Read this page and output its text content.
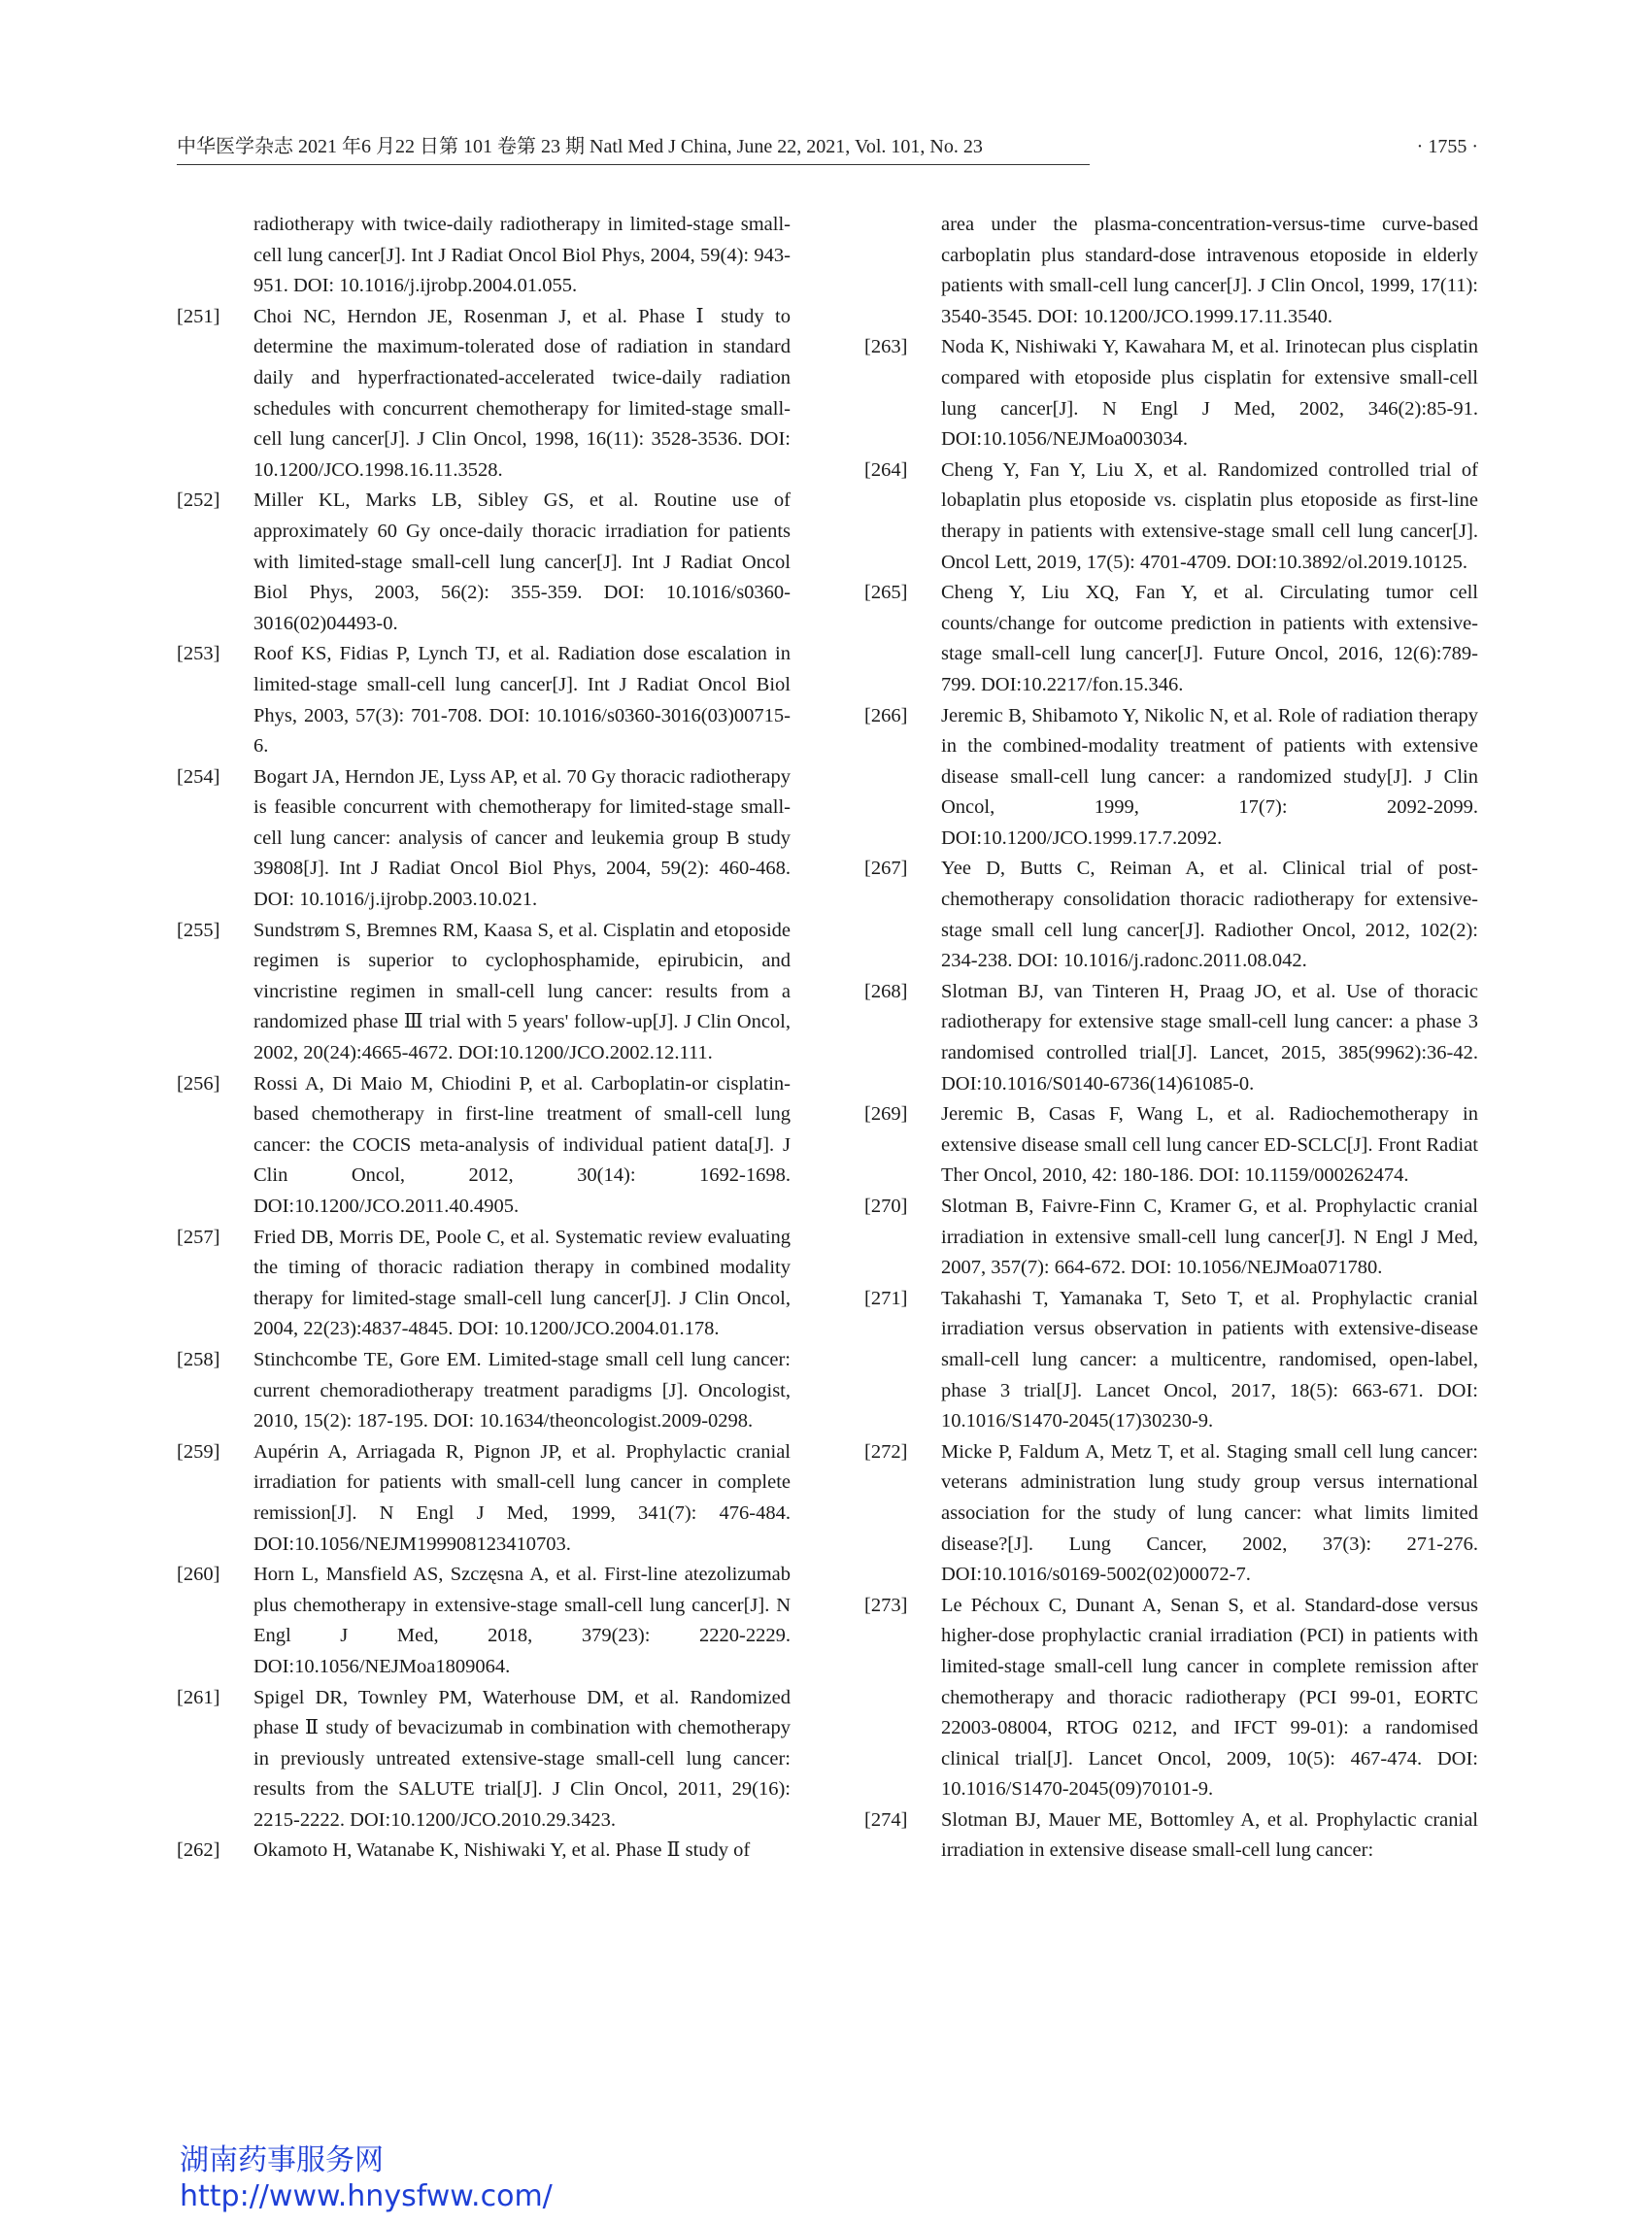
中华医学杂志 2021 年6 月22 日第 101 卷第 23 期 Natl Med J China, June 22, 2021, Vol. 101, No. 23	· 1755 ·
radiotherapy with twice-daily radiotherapy in limited-stage small-cell lung cancer[J]. Int J Radiat Oncol Biol Phys, 2004, 59(4): 943-951. DOI: 10.1016/j.ijrobp.2004.01.055.
[251] Choi NC, Herndon JE, Rosenman J, et al. Phase Ⅰ study to determine the maximum-tolerated dose of radiation in standard daily and hyperfractionated-accelerated twice-daily radiation schedules with concurrent chemotherapy for limited-stage small-cell lung cancer[J]. J Clin Oncol, 1998, 16(11): 3528-3536. DOI: 10.1200/JCO.1998.16.11.3528.
[252] Miller KL, Marks LB, Sibley GS, et al. Routine use of approximately 60 Gy once-daily thoracic irradiation for patients with limited-stage small-cell lung cancer[J]. Int J Radiat Oncol Biol Phys, 2003, 56(2): 355-359. DOI: 10.1016/s0360-3016(02)04493-0.
[253] Roof KS, Fidias P, Lynch TJ, et al. Radiation dose escalation in limited-stage small-cell lung cancer[J]. Int J Radiat Oncol Biol Phys, 2003, 57(3): 701-708. DOI: 10.1016/s0360-3016(03)00715-6.
[254] Bogart JA, Herndon JE, Lyss AP, et al. 70 Gy thoracic radiotherapy is feasible concurrent with chemotherapy for limited-stage small-cell lung cancer: analysis of cancer and leukemia group B study 39808[J]. Int J Radiat Oncol Biol Phys, 2004, 59(2): 460-468. DOI: 10.1016/j.ijrobp.2003.10.021.
[255] Sundstrøm S, Bremnes RM, Kaasa S, et al. Cisplatin and etoposide regimen is superior to cyclophosphamide, epirubicin, and vincristine regimen in small-cell lung cancer: results from a randomized phase Ⅲ trial with 5 years' follow-up[J]. J Clin Oncol, 2002, 20(24):4665-4672. DOI:10.1200/JCO.2002.12.111.
[256] Rossi A, Di Maio M, Chiodini P, et al. Carboplatin-or cisplatin-based chemotherapy in first-line treatment of small-cell lung cancer: the COCIS meta-analysis of individual patient data[J]. J Clin Oncol, 2012, 30(14): 1692-1698. DOI:10.1200/JCO.2011.40.4905.
[257] Fried DB, Morris DE, Poole C, et al. Systematic review evaluating the timing of thoracic radiation therapy in combined modality therapy for limited-stage small-cell lung cancer[J]. J Clin Oncol, 2004, 22(23):4837-4845. DOI: 10.1200/JCO.2004.01.178.
[258] Stinchcombe TE, Gore EM. Limited-stage small cell lung cancer: current chemoradiotherapy treatment paradigms [J]. Oncologist, 2010, 15(2): 187-195. DOI: 10.1634/theoncologist.2009-0298.
[259] Aupérin A, Arriagada R, Pignon JP, et al. Prophylactic cranial irradiation for patients with small-cell lung cancer in complete remission[J]. N Engl J Med, 1999, 341(7): 476-484. DOI:10.1056/NEJM199908123410703.
[260] Horn L, Mansfield AS, Szczęsna A, et al. First-line atezolizumab plus chemotherapy in extensive-stage small-cell lung cancer[J]. N Engl J Med, 2018, 379(23): 2220-2229. DOI:10.1056/NEJMoa1809064.
[261] Spigel DR, Townley PM, Waterhouse DM, et al. Randomized phase Ⅱ study of bevacizumab in combination with chemotherapy in previously untreated extensive-stage small-cell lung cancer: results from the SALUTE trial[J]. J Clin Oncol, 2011, 29(16): 2215-2222. DOI:10.1200/JCO.2010.29.3423.
[262] Okamoto H, Watanabe K, Nishiwaki Y, et al. Phase Ⅱ study of
area under the plasma-concentration-versus-time curve-based carboplatin plus standard-dose intravenous etoposide in elderly patients with small-cell lung cancer[J]. J Clin Oncol, 1999, 17(11): 3540-3545. DOI: 10.1200/JCO.1999.17.11.3540.
[263] Noda K, Nishiwaki Y, Kawahara M, et al. Irinotecan plus cisplatin compared with etoposide plus cisplatin for extensive small-cell lung cancer[J]. N Engl J Med, 2002, 346(2):85-91. DOI:10.1056/NEJMoa003034.
[264] Cheng Y, Fan Y, Liu X, et al. Randomized controlled trial of lobaplatin plus etoposide vs. cisplatin plus etoposide as first-line therapy in patients with extensive-stage small cell lung cancer[J]. Oncol Lett, 2019, 17(5): 4701-4709. DOI:10.3892/ol.2019.10125.
[265] Cheng Y, Liu XQ, Fan Y, et al. Circulating tumor cell counts/change for outcome prediction in patients with extensive-stage small-cell lung cancer[J]. Future Oncol, 2016, 12(6):789-799. DOI:10.2217/fon.15.346.
[266] Jeremic B, Shibamoto Y, Nikolic N, et al. Role of radiation therapy in the combined-modality treatment of patients with extensive disease small-cell lung cancer: a randomized study[J]. J Clin Oncol, 1999, 17(7): 2092-2099. DOI:10.1200/JCO.1999.17.7.2092.
[267] Yee D, Butts C, Reiman A, et al. Clinical trial of post-chemotherapy consolidation thoracic radiotherapy for extensive-stage small cell lung cancer[J]. Radiother Oncol, 2012, 102(2): 234-238. DOI: 10.1016/j.radonc.2011.08.042.
[268] Slotman BJ, van Tinteren H, Praag JO, et al. Use of thoracic radiotherapy for extensive stage small-cell lung cancer: a phase 3 randomised controlled trial[J]. Lancet, 2015, 385(9962):36-42. DOI:10.1016/S0140-6736(14)61085-0.
[269] Jeremic B, Casas F, Wang L, et al. Radiochemotherapy in extensive disease small cell lung cancer ED-SCLC[J]. Front Radiat Ther Oncol, 2010, 42: 180-186. DOI: 10.1159/000262474.
[270] Slotman B, Faivre-Finn C, Kramer G, et al. Prophylactic cranial irradiation in extensive small-cell lung cancer[J]. N Engl J Med, 2007, 357(7): 664-672. DOI: 10.1056/NEJMoa071780.
[271] Takahashi T, Yamanaka T, Seto T, et al. Prophylactic cranial irradiation versus observation in patients with extensive-disease small-cell lung cancer: a multicentre, randomised, open-label, phase 3 trial[J]. Lancet Oncol, 2017, 18(5): 663-671. DOI: 10.1016/S1470-2045(17)30230-9.
[272] Micke P, Faldum A, Metz T, et al. Staging small cell lung cancer: veterans administration lung study group versus international association for the study of lung cancer: what limits limited disease?[J]. Lung Cancer, 2002, 37(3): 271-276. DOI:10.1016/s0169-5002(02)00072-7.
[273] Le Péchoux C, Dunant A, Senan S, et al. Standard-dose versus higher-dose prophylactic cranial irradiation (PCI) in patients with limited-stage small-cell lung cancer in complete remission after chemotherapy and thoracic radiotherapy (PCI 99-01, EORTC 22003-08004, RTOG 0212, and IFCT 99-01): a randomised clinical trial[J]. Lancet Oncol, 2009, 10(5): 467-474. DOI: 10.1016/S1470-2045(09)70101-9.
[274] Slotman BJ, Mauer ME, Bottomley A, et al. Prophylactic cranial irradiation in extensive disease small-cell lung cancer:
湖南药事服务网
http://www.hnysfww.com/
